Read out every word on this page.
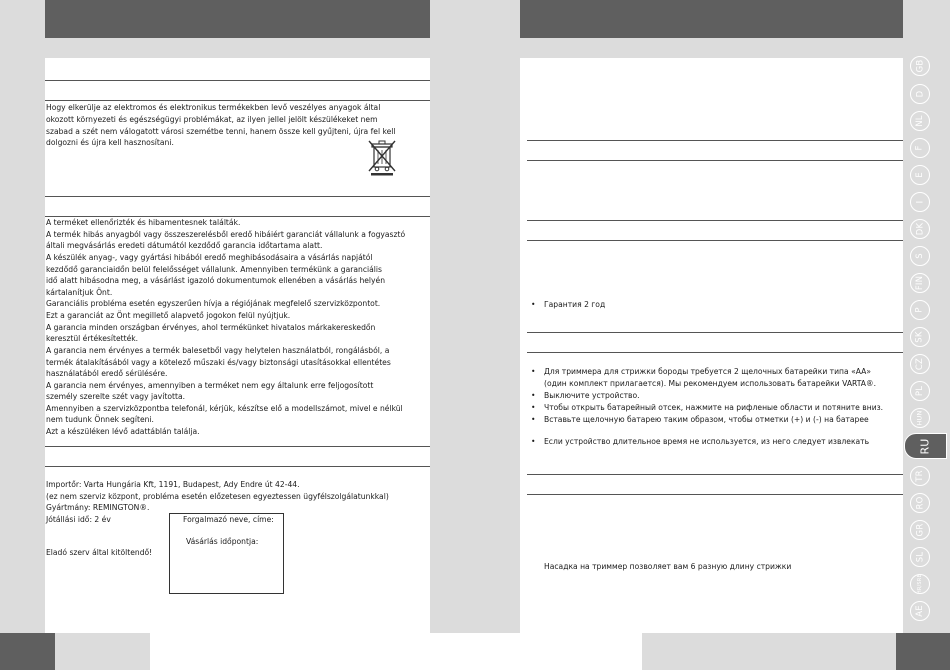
Hogy elkerülje az elektromos és elektronikus termékekben levő veszélyes anyagok által
okozott környezeti és egészségügyi problémákat, az ilyen jellel jelölt készülékeket nem
szabad a szét nem válogatott városi szemétbe tenni, hanem össze kell gyűjteni, újra fel kell
dolgozni és újra kell hasznosítani.
A terméket ellenőrizték és hibamentesnek találták.
A termék hibás anyagból vagy összeszerelésből eredő hibáiért garanciát vállalunk a fogyasztó
általi megvásárlás eredeti dátumától kezdődő garancia időtartama alatt.
A készülék anyag-, vagy gyártási hibából eredő meghibásodásaira a vásárlás napjától
kezdődő garanciaidőn belül felelősséget vállalunk. Amennyiben termékünk a garanciális
idő alatt hibásodna meg, a vásárlást igazoló dokumentumok ellenében a vásárlás helyén
kártalanítjuk Önt.
Garanciális probléma esetén egyszerűen hívja a régiójának megfelelő szervizközpontot.
Ezt a garanciát az Önt megillető alapvető jogokon felül nyújtjuk.
A garancia minden országban érvényes, ahol termékünket hivatalos márkakereskedőn
keresztül értékesítették.
A garancia nem érvényes a termék balesetből vagy helytelen használatból, rongálásból, a
termék átalakításából vagy a kötelező műszaki és/vagy biztonsági utasításokkal ellentétes
használatából eredő sérülésére.
A garancia nem érvényes, amennyiben a terméket nem egy általunk erre feljogosított
személy szerelte szét vagy javította.
Amennyiben a szervizközpontba telefonál, kérjük, készítse elő a modellszámot, mivel e nélkül
nem tudunk Önnek segíteni.
Azt a készüléken lévő adattáblán találja.
Importőr: Varta Hungária Kft, 1191, Budapest, Ady Endre út 42-44.
(ez nem szerviz központ, probléma esetén előzetesen egyeztessen ügyfélszolgálatunkkal)
Gyártmány: REMINGTON®.
Jótállási idő: 2 év
Eladó szerv által kitöltendő!
Forgalmazó neve, címe:
Vásárlás időpontja:
• Гарантия 2 год
• Для триммера для стрижки бороды требуется 2 щелочных батарейки типа «AA»
(один комплект прилагается). Мы рекомендуем использовать батарейки VARTA®.
• Выключите устройство.
• Чтобы открыть батарейный отсек, нажмите на рифленые области и потяните вниз.
• Вставьте щелочную батарею таким образом, чтобы отметки (+) и (-) на батарее
• Если устройство длительное время не используется, из него следует извлекать
Насадка на триммер позволяет вам 6 разную длину стрижки
GB
D
NL
F
E
I
DK
S
FIN
P
SK
CZ
PL
HUN
RU
TR
RO
GR
SL
HR/SRB
AE
